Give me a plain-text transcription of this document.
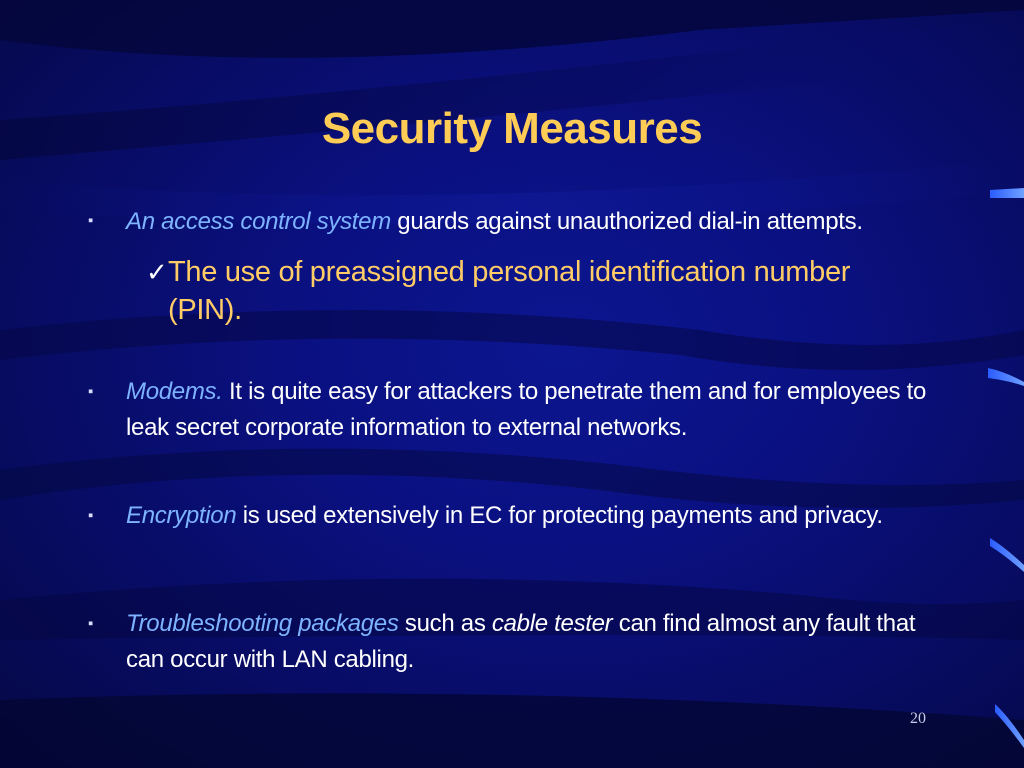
Security Measures
▪ An access control system guards against unauthorized dial-in attempts.
✓The use of preassigned personal identification number (PIN).
▪ Modems. It is quite easy for attackers to penetrate them and for employees to leak secret corporate information to external networks.
▪ Encryption is used extensively in EC for protecting payments and privacy.
▪ Troubleshooting packages such as cable tester can find almost any fault that can occur with LAN cabling.
20
